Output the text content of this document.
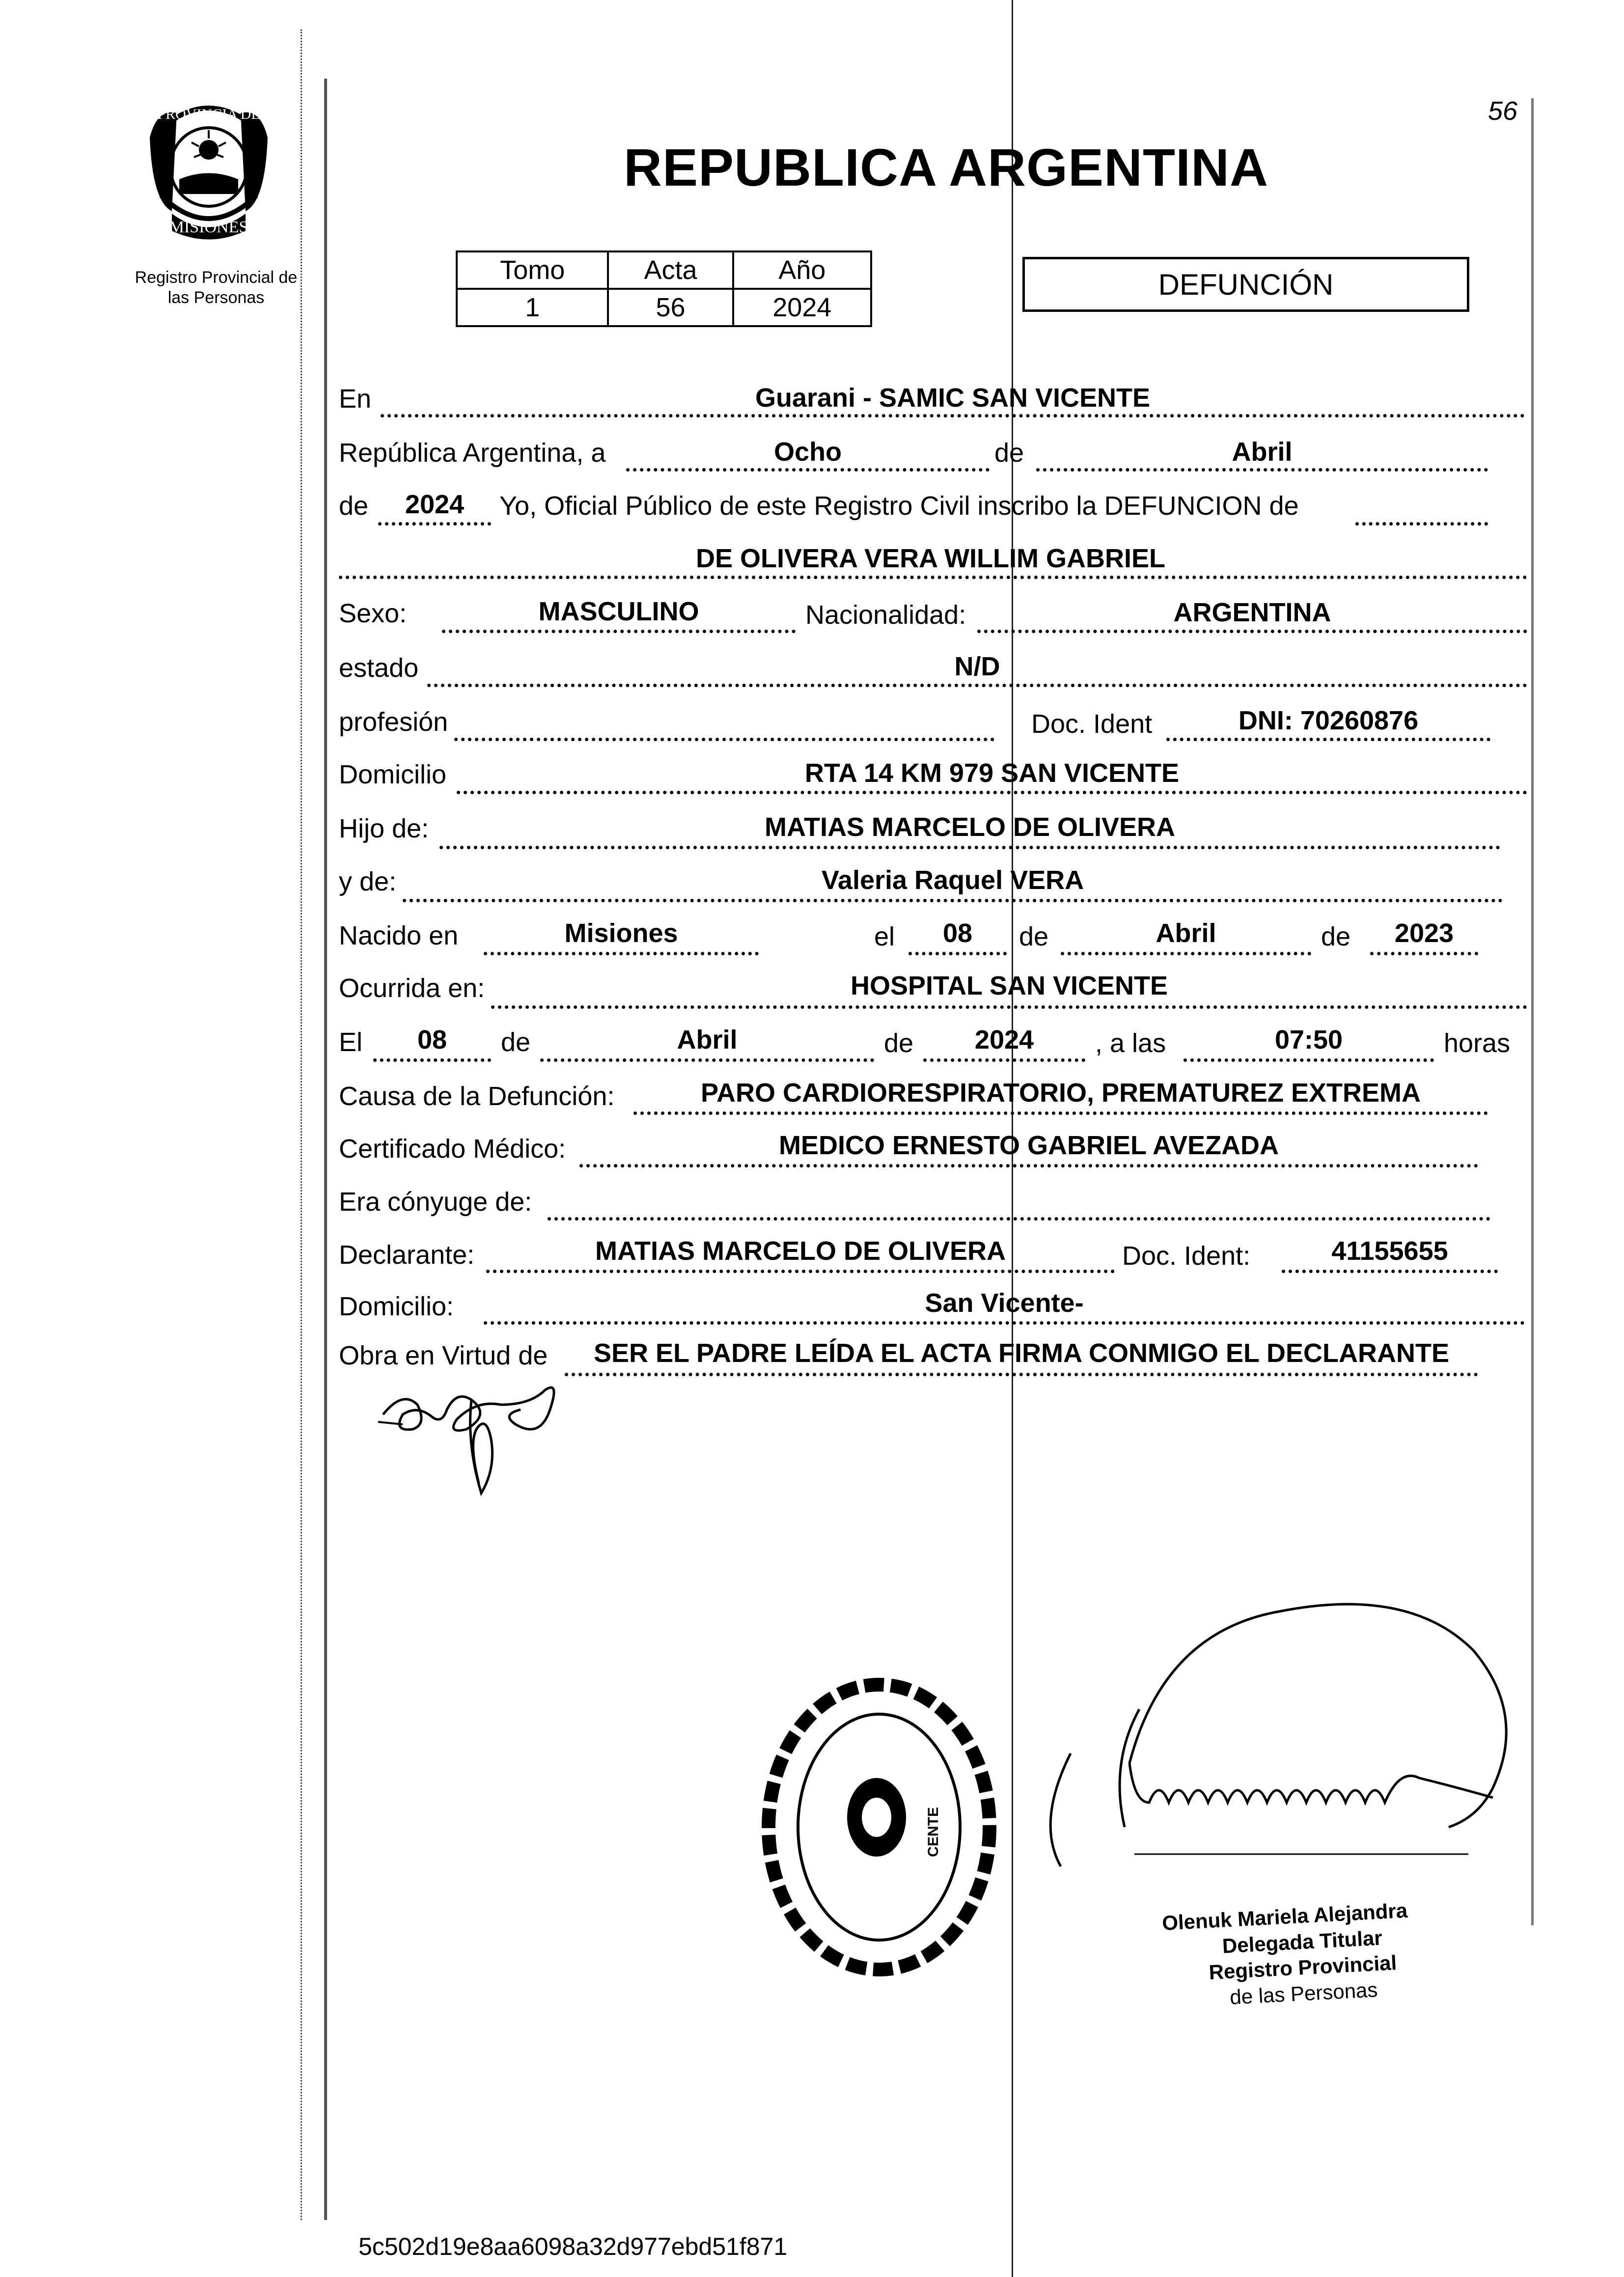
56
PROVINCIA DE
MISIONES
Registro Provincial de
las Personas
REPUBLICA ARGENTINA
Tomo	Acta	Año
1	56	2024
DEFUNCIÓN
En	Guarani - SAMIC SAN VICENTE
República Argentina, a	Ocho	de	Abril
de	2024	Yo, Oficial Público de este Registro Civil inscribo la DEFUNCION de
DE OLIVERA VERA WILLIM GABRIEL
Sexo:	MASCULINO	Nacionalidad:	ARGENTINA
estado	N/D
profesión	Doc. Ident	DNI: 70260876
Domicilio	RTA 14 KM 979 SAN VICENTE
Hijo de:	MATIAS MARCELO DE OLIVERA
y de:	Valeria Raquel VERA
Nacido en	Misiones	el	08	de	Abril	de	2023
Ocurrida en:	HOSPITAL SAN VICENTE
El	08	de	Abril	de	2024	, a las	07:50	horas
Causa de la Defunción:	PARO CARDIORESPIRATORIO, PREMATUREZ EXTREMA
Certificado Médico:	MEDICO ERNESTO GABRIEL AVEZADA
Era cónyuge de:
Declarante:	MATIAS MARCELO DE OLIVERA	Doc. Ident:	41155655
Domicilio:	San Vicente-
Obra en Virtud de	SER EL PADRE LEÍDA EL ACTA FIRMA CONMIGO EL DECLARANTE
CENTE
Olenuk Mariela Alejandra
Delegada Titular
Registro Provincial
de las Personas
5c502d19e8aa6098a32d977ebd51f871
